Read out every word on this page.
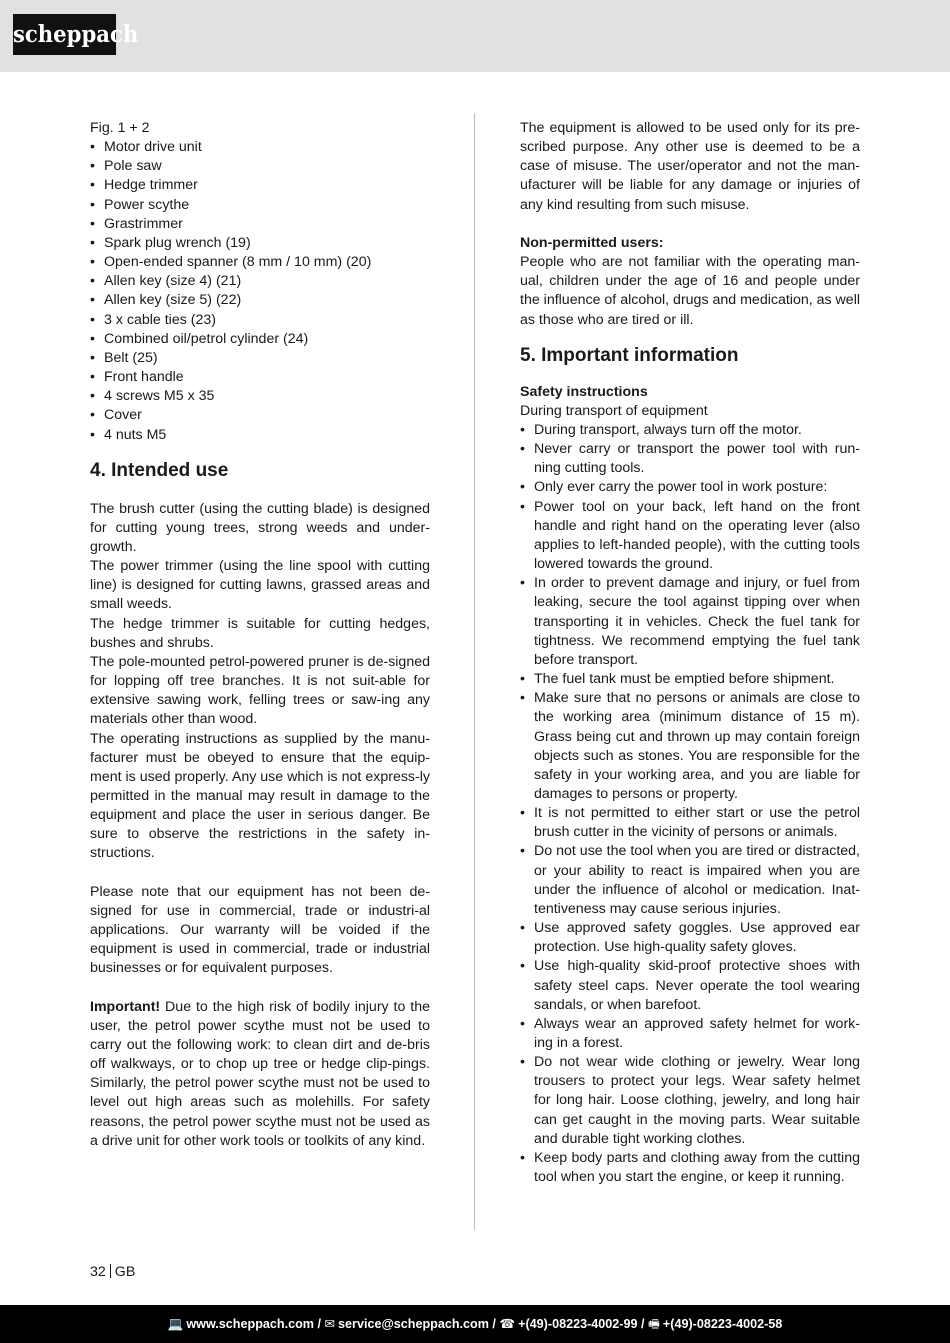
scheppach
Fig. 1 + 2
• Motor drive unit
• Pole saw
• Hedge trimmer
• Power scythe
• Grastrimmer
• Spark plug wrench (19)
• Open-ended spanner (8 mm / 10 mm) (20)
• Allen key (size 4) (21)
• Allen key (size 5) (22)
• 3 x cable ties (23)
• Combined oil/petrol cylinder (24)
• Belt (25)
• Front handle
• 4 screws M5 x 35
• Cover
• 4 nuts M5
4. Intended use

The brush cutter (using the cutting blade) is designed for cutting young trees, strong weeds and under-growth.

The power trimmer (using the line spool with cutting line) is designed for cutting lawns, grassed areas and small weeds.

The hedge trimmer is suitable for cutting hedges, bushes and shrubs.

The pole-mounted petrol-powered pruner is de-signed for lopping off tree branches. It is not suit-able for extensive sawing work, felling trees or saw-ing any materials other than wood.

The operating instructions as supplied by the manu-facturer must be obeyed to ensure that the equip-ment is used properly. Any use which is not express-ly permitted in the manual may result in damage to the equipment and place the user in serious danger. Be sure to observe the restrictions in the safety in-structions.

Please note that our equipment has not been de-signed for use in commercial, trade or industri-al applications. Our warranty will be voided if the equipment is used in commercial, trade or industrial businesses or for equivalent purposes.

Important! Due to the high risk of bodily injury to the user, the petrol power scythe must not be used to carry out the following work: to clean dirt and de-bris off walkways, or to chop up tree or hedge clip-pings. Similarly, the petrol power scythe must not be used to level out high areas such as molehills. For safety reasons, the petrol power scythe must not be used as a drive unit for other work tools or toolkits of any kind.

The equipment is allowed to be used only for its pre-scribed purpose. Any other use is deemed to be a case of misuse. The user/operator and not the man-ufacturer will be liable for any damage or injuries of any kind resulting from such misuse.

Non-permitted users:

People who are not familiar with the operating man-ual, children under the age of 16 and people under the influence of alcohol, drugs and medication, as well as those who are tired or ill.

5. Important information
Safety instructions
During transport of equipment
• During transport, always turn off the motor.
• Never carry or transport the power tool with run-ning cutting tools.
• Only ever carry the power tool in work posture:
• Power tool on your back, left hand on the front handle and right hand on the operating lever (also applies to left-handed people), with the cutting tools lowered towards the ground.
• In order to prevent damage and injury, or fuel from leaking, secure the tool against tipping over when transporting it in vehicles. Check the fuel tank for tightness. We recommend emptying the fuel tank before transport.
• The fuel tank must be emptied before shipment.
• Make sure that no persons or animals are close to the working area (minimum distance of 15 m). Grass being cut and thrown up may contain foreign objects such as stones. You are responsible for the safety in your working area, and you are liable for damages to persons or property.
• It is not permitted to either start or use the petrol brush cutter in the vicinity of persons or animals.
• Do not use the tool when you are tired or distracted, or your ability to react is impaired when you are under the influence of alcohol or medication. Inat-tentiveness may cause serious injuries.
• Use approved safety goggles. Use approved ear protection. Use high-quality safety gloves.
• Use high-quality skid-proof protective shoes with safety steel caps. Never operate the tool wearing sandals, or when barefoot.
• Always wear an approved safety helmet for work-ing in a forest.
• Do not wear wide clothing or jewelry. Wear long trousers to protect your legs. Wear safety helmet for long hair. Loose clothing, jewelry, and long hair can get caught in the moving parts. Wear suitable and durable tight working clothes.
• Keep body parts and clothing away from the cutting tool when you start the engine, or keep it running.
32 GB
💻 www.scheppach.com / ✉ service@scheppach.com / ☎ +(49)-08223-4002-99 / 🖷 +(49)-08223-4002-58
